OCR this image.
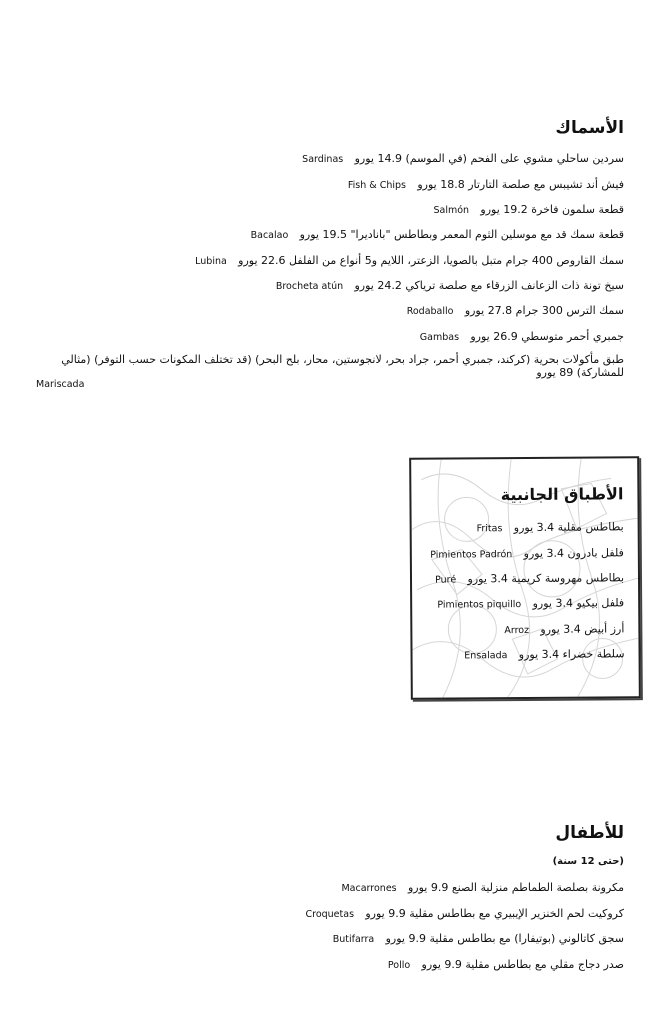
الأسماك
Sardinas سردين ساحلي مشوي على الفحم (في الموسم) 14.9 يورو
Fish & Chips فيش أند تشيبس مع صلصة التارتار 18.8 يورو
Salmón قطعة سلمون فاخرة 19.2 يورو
Bacalao قطعة سمك قد مع موسلين الثوم المعمر وبطاطس "باناديرا" 19.5 يورو
Lubina سمك القاروص 400 جرام متبل بالصويا، الزعتر، اللايم و5 أنواع من الفلفل 22.6 يورو
Brocheta atún سيخ تونة ذات الزعانف الزرقاء مع صلصة ترياكي 24.2 يورو
Rodaballo سمك الترس 300 جرام 27.8 يورو
Gambas جمبري أحمر متوسطي 26.9 يورو
طبق مأكولات بحرية (كركند، جمبري أحمر، جراد بحر، لانجوستين، محار، بلح البحر) (قد تختلف المكونات حسب التوفر) (مثالي للمشاركة) 89 يورو
Mariscada
الأطباق الجانبية
Fritas بطاطس مقلية 3.4 يورو
Pimientos Padrón فلفل بادرون 3.4 يورو
Puré بطاطس مهروسة كريمية 3.4 يورو
Pimientos piquillo فلفل بيكيو 3.4 يورو
Arroz أرز أبيض 3.4 يورو
Ensalada سلطة خضراء 3.4 يورو
للأطفال
(حتى 12 سنة)
Macarrones مكرونة بصلصة الطماطم منزلية الصنع 9.9 يورو
Croquetas كروكيت لحم الخنزير الإيبيري مع بطاطس مقلية 9.9 يورو
Butifarra سجق كاتالوني (بوتيفارا) مع بطاطس مقلية 9.9 يورو
Pollo صدر دجاج مقلي مع بطاطس مقلية 9.9 يورو
